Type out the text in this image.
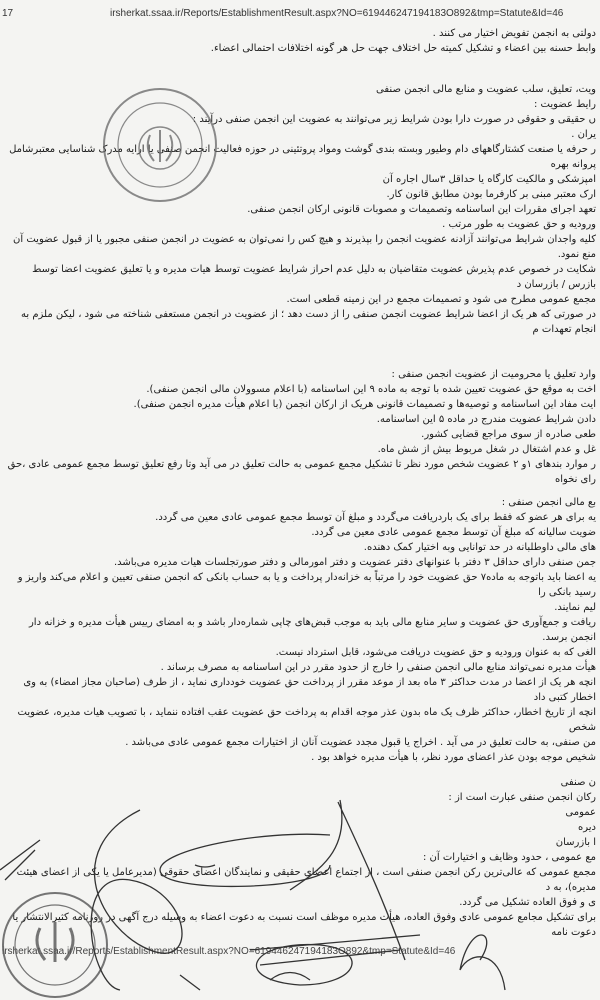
17	irsherkat.ssaa.ir/Reports/EstablishmentResult.aspx?NO=619446247194183O892&tmp=Statute&Id=46
دولتی به انجمن تفویض اختیار می کنند .
وابط حسنه بین اعضاء و تشکیل کمیته حل اختلاف جهت حل هر گونه اختلافات احتمالی اعضاء.
ویت، تعلیق، سلب عضویت و منابع مالی انجمن صنفی
رایط عضویت :
ں حقیقی و حقوقی در صورت دارا بودن شرایط زیر می‌توانند به عضویت این انجمن صنفی درآیند :
یران .
ر حرفه یا صنعت کشتارگاههای دام وطیور وبسته بندی گوشت ومواد پروتئینی در حوزه فعالیت انجمن صنفی یا ارایه مدرک شناسایی معتبرشامل پروانه بهره
امپزشکی و مالکیت کارگاه یا حداقل ۳سال اجاره آن
ارک معتبر مبنی بر کارفرما بودن مطابق قانون کار.
تعهد اجرای مقررات این اساسنامه وتصمیمات و مصوبات قانونی ارکان انجمن صنفی.
ورودیه و حق عضویت به طور مرتب .
کلیه واجدان شرایط می‌توانند آزادنه عضویت انجمن را بپذیرند و هیچ کس را نمی‌توان به عضویت در انجمن صنفی مجبور یا از قبول عضویت آن منع نمود.
شکایت در خصوص عدم پذیرش عضویت متقاضیان به دلیل عدم احراز شرایط عضویت توسط هیات مدیره و یا تعلیق عضویت اعضا توسط بازرس / بازرسان د
مجمع عمومی مطرح می شود و تصمیمات مجمع در این زمینه قطعی است.
در صورتی که هر یک از اعضا شرایط عضویت انجمن صنفی را از دست دهد ؛ از عضویت در انجمن مستعفی شناخته می شود ، لیکن ملزم به انجام تعهدات م
وارد تعلیق یا محرومیت از عضویت انجمن صنفی :
اخت به موقع حق عضویت تعیین شده با توجه به ماده ۹ این اساسنامه (با اعلام مسوولان مالی انجمن صنفی).
ایت مفاد این اساسنامه و توصیه‌ها و تصمیمات قانونی هریک از ارکان انجمن (با اعلام هیأت مدیره انجمن صنفی).
دادن شرایط عضویت مندرج در ماده ۵ این اساسنامه.
طعی صادره از سوی مراجع قضایی کشور.
غل و عدم اشتغال در شغل مربوط بیش از شش ماه.
ر موارد بندهای ۱و ۲ عضویت شخص مورد نظر تا تشکیل مجمع عمومی به حالت تعلیق در می آید وتا رفع تعلیق توسط مجمع عمومی عادی ،حق رای نخواه
بع مالی انجمن صنفی :
یه برای هر عضو که فقط برای یک باردریافت می‌گردد و مبلغ آن توسط مجمع عمومی عادی معین می گردد.
ضویت سالیانه که مبلغ آن توسط مجمع عمومی عادی معین می گردد.
های مالی داوطلبانه در حد توانایی وبه اختیار کمک دهنده.
جمن صنفی دارای حداقل ۳ دفتر با عنوانهای دفتر عضویت و دفتر امورمالی و دفتر صورتجلسات هیات مدیره می‌باشد.
یه اعضا باید باتوجه به ماده۷ حق عضویت خود را مرتباً به خزانه‌دار پرداخت و یا به حساب بانکی که انجمن صنفی تعیین و اعلام می‌کند واریز و رسید بانکی را
لیم نمایند.
ریافت و جمع‌آوری حق عضویت و سایر منابع مالی باید به موجب قبض‌های چاپی شماره‌دار باشد و به امضای رییس هیأت مدیره و خزانه دار انجمن برسد.
الغی که به عنوان ورودیه و حق عضویت دریافت می‌شود، قابل استرداد نیست.
هیأت مدیره نمی‌تواند منابع مالی انجمن صنفی را خارج از حدود مقرر در این اساسنامه به مصرف برساند .
انچه هر یک از اعضا در مدت حداکثر ۳ ماه بعد از موعد مقرر از پرداخت حق عضویت خودداری نماید ، از طرف (صاحبان مجاز امضاء) به وی اخطار کتبی داد
انچه از تاریخ اخطار، حداکثر ظرف یک ماه بدون عذر موجه اقدام به پرداخت حق عضویت عقب افتاده ننماید ، با تصویب هیات مدیره، عضویت شخص
من صنفی، به حالت تعلیق در می آید . اخراج یا قبول مجدد عضویت آنان از اختیارات مجمع عمومی عادی می‌باشد .
شخیص موجه بودن عذر اعضای مورد نظر، با هیأت مدیره خواهد بود .
ن صنفی
رکان انجمن صنفی عبارت است از :
عمومی
دیره
ا بازرسان
مع عمومی ، حدود وظایف و اختیارات آن :
مجمع عمومی که عالی‌ترین رکن انجمن صنفی است ، از اجتماع اعضای حقیقی و نمایندگان اعضای حقوقی (مدیرعامل یا یکی از اعضای هیئت مدیره)، به د
ی و فوق العاده تشکیل می گردد.
برای تشکیل مجامع عمومی عادی وفوق العاده، هیأت مدیره موظف است نسبت به دعوت اعضاء به وسیله درج آگهی در روزنامه کثیرالانتشار یا دعوت نامه
irsherkat.ssaa.ir/Reports/EstablishmentResult.aspx?NO=619446247194183O892&tmp=Statute&Id=46
